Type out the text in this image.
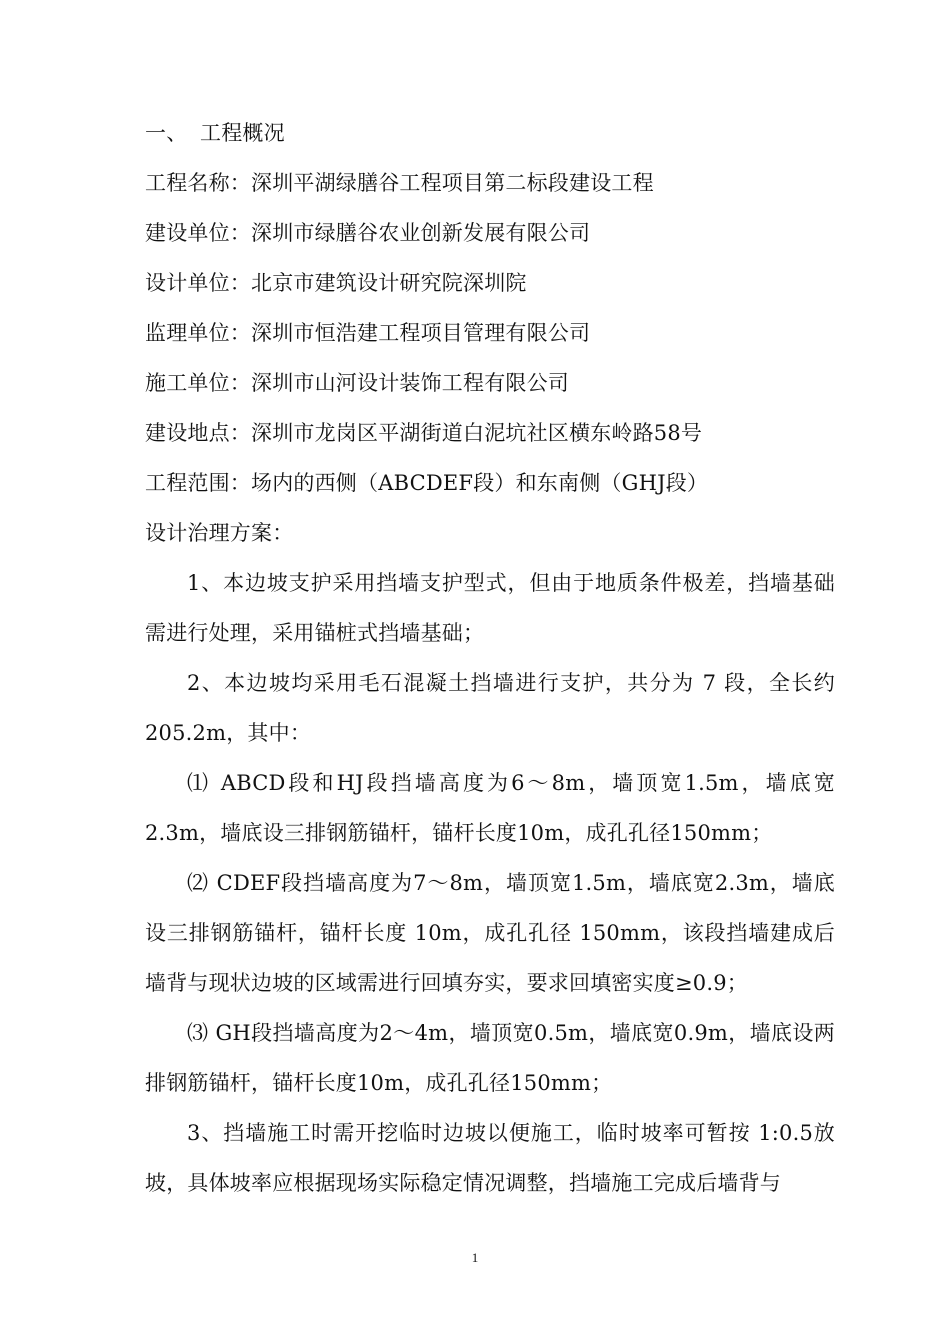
一、 工程概况
工程名称：深圳平湖绿膳谷工程项目第二标段建设工程
建设单位：深圳市绿膳谷农业创新发展有限公司
设计单位：北京市建筑设计研究院深圳院
监理单位：深圳市恒浩建工程项目管理有限公司
施工单位：深圳市山河设计装饰工程有限公司
建设地点：深圳市龙岗区平湖街道白泥坑社区横东岭路58号
工程范围：场内的西侧（ABCDEF段）和东南侧（GHJ段）
设计治理方案：

1、本边坡支护采用挡墙支护型式，但由于地质条件极差，挡墙基础需进行处理，采用锚桩式挡墙基础；

2、本边坡均采用毛石混凝土挡墙进行支护，共分为 7 段，全长约205.2m，其中：

⑴ ABCD段和HJ段挡墙高度为6～8m，墙顶宽1.5m，墙底宽2.3m，墙底设三排钢筋锚杆，锚杆长度10m，成孔孔径150mm；

⑵ CDEF段挡墙高度为7～8m，墙顶宽1.5m，墙底宽2.3m，墙底设三排钢筋锚杆，锚杆长度 10m，成孔孔径 150mm，该段挡墙建成后墙背与现状边坡的区域需进行回填夯实，要求回填密实度≥0.9；

⑶ GH段挡墙高度为2～4m，墙顶宽0.5m，墙底宽0.9m，墙底设两排钢筋锚杆，锚杆长度10m，成孔孔径150mm；

3、挡墙施工时需开挖临时边坡以便施工，临时坡率可暂按 1:0.5放坡，具体坡率应根据现场实际稳定情况调整，挡墙施工完成后墙背与

1
